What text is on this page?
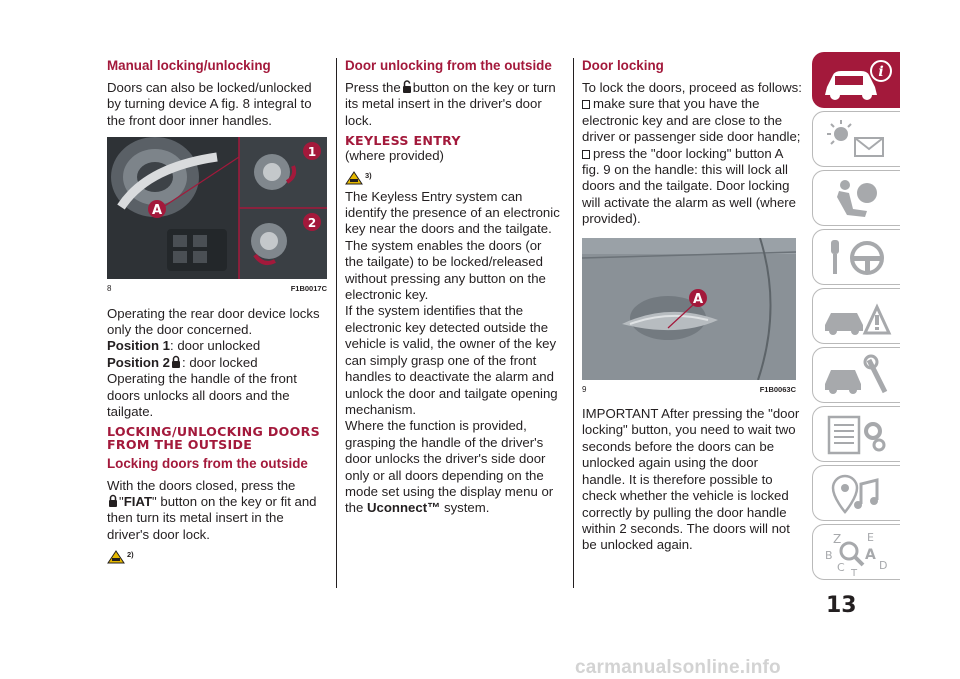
Manual locking/unlocking

Doors can also be locked/unlocked by turning device A fig. 8 integral to the front door inner handles.

A
1
2
8	F1B0017C

Operating the rear door device locks only the door concerned.

Position 1: door unlocked

Position 2 : door locked

Operating the handle of the front doors unlocks all doors and the tailgate.

LOCKING/UNLOCKING DOORS FROM THE OUTSIDE
Locking doors from the outside

With the doors closed, press the
"FIAT" button on the key or fit and then turn its metal insert in the driver's door lock.

2)
Door unlocking from the outside

Press the button on the key or turn its metal insert in the driver's door lock.

KEYLESS ENTRY

(where provided)

3)

The Keyless Entry system can identify the presence of an electronic key near the doors and the tailgate.

The system enables the doors (or the tailgate) to be locked/released without pressing any button on the electronic key.

If the system identifies that the electronic key detected outside the vehicle is valid, the owner of the key can simply grasp one of the front handles to deactivate the alarm and unlock the door and tailgate opening mechanism.

Where the function is provided, grasping the handle of the driver's door unlocks the driver's side door only or all doors depending on the mode set using the display menu or the Uconnect™ system.

Door locking

To lock the doors, proceed as follows:

make sure that you have the electronic key and are close to the driver or passenger side door handle;

press the "door locking" button A fig. 9 on the handle: this will lock all doors and the tailgate. Door locking will activate the alarm as well (where provided).

A
9	F1B0063C

IMPORTANT After pressing the "door locking" button, you need to wait two seconds before the doors can be unlocked again using the door handle. It is therefore possible to check whether the vehicle is locked correctly by pulling the door handle within 2 seconds. The doors will not be unlocked again.

i
Z E
B A
C	D
T
13
carmanualsonline.info
